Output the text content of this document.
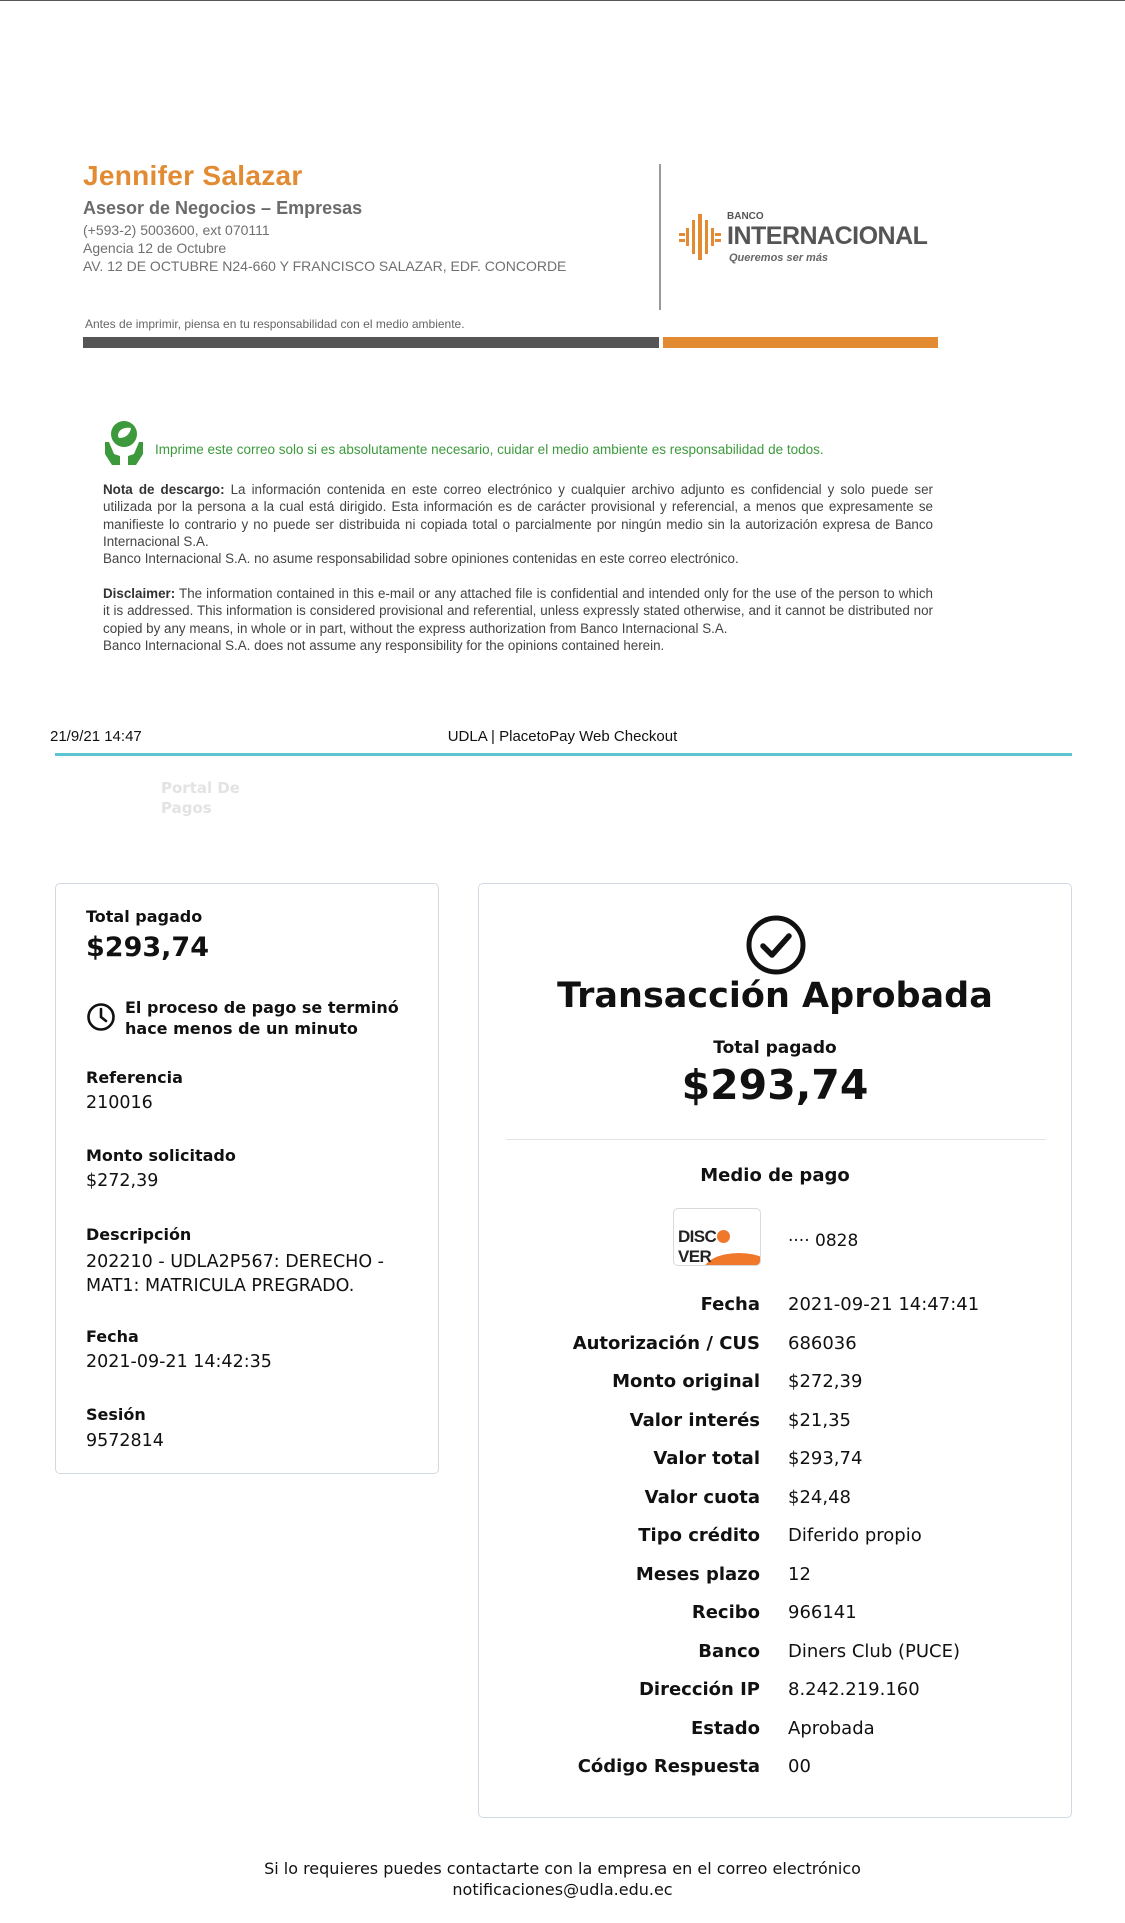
Jennifer Salazar
Asesor de Negocios – Empresas
(+593-2) 5003600, ext 070111
Agencia 12 de Octubre
AV. 12 DE OCTUBRE N24-660 Y FRANCISCO SALAZAR, EDF. CONCORDE
BANCO
INTERNACIONAL
Queremos ser más
Antes de imprimir, piensa en tu responsabilidad con el medio ambiente.
Imprime este correo solo si es absolutamente necesario, cuidar el medio ambiente es responsabilidad de todos.

Nota de descargo: La información contenida en este correo electrónico y cualquier archivo adjunto es confidencial y solo puede ser utilizada por la persona a la cual está dirigido. Esta información es de carácter provisional y referencial, a menos que expresamente se manifieste lo contrario y no puede ser distribuida ni copiada total o parcialmente por ningún medio sin la autorización expresa de Banco Internacional S.A.

Banco Internacional S.A. no asume responsabilidad sobre opiniones contenidas en este correo electrónico.

Disclaimer: The information contained in this e-mail or any attached file is confidential and intended only for the use of the person to which it is addressed. This information is considered provisional and referential, unless expressly stated otherwise, and it cannot be distributed nor copied by any means, in whole or in part, without the express authorization from Banco Internacional S.A.

Banco Internacional S.A. does not assume any responsibility for the opinions contained herein.

UDLA | PlacetoPay Web Checkout
21/9/21 14:47
Portal De Pagos
Total pagado
$293,74
El proceso de pago se terminó hace menos de un minuto
Referencia
210016
Monto solicitado
$272,39
Descripción
202210 - UDLA2P567: DERECHO - MAT1: MATRICULA PREGRADO.
Fecha
2021-09-21 14:42:35
Sesión
9572814
Transacción Aprobada
Total pagado
$293,74
Medio de pago
DISCVER
···· 0828
Fecha 2021-09-21 14:47:41
Autorización / CUS 686036
Monto original $272,39
Valor interés $21,35
Valor total $293,74
Valor cuota $24,48
Tipo crédito Diferido propio
Meses plazo 12
Recibo 966141
Banco Diners Club (PUCE)
Dirección IP 8.242.219.160
Estado Aprobada
Código Respuesta 00
Si lo requieres puedes contactarte con la empresa en el correo electrónico
notificaciones@udla.edu.ec
